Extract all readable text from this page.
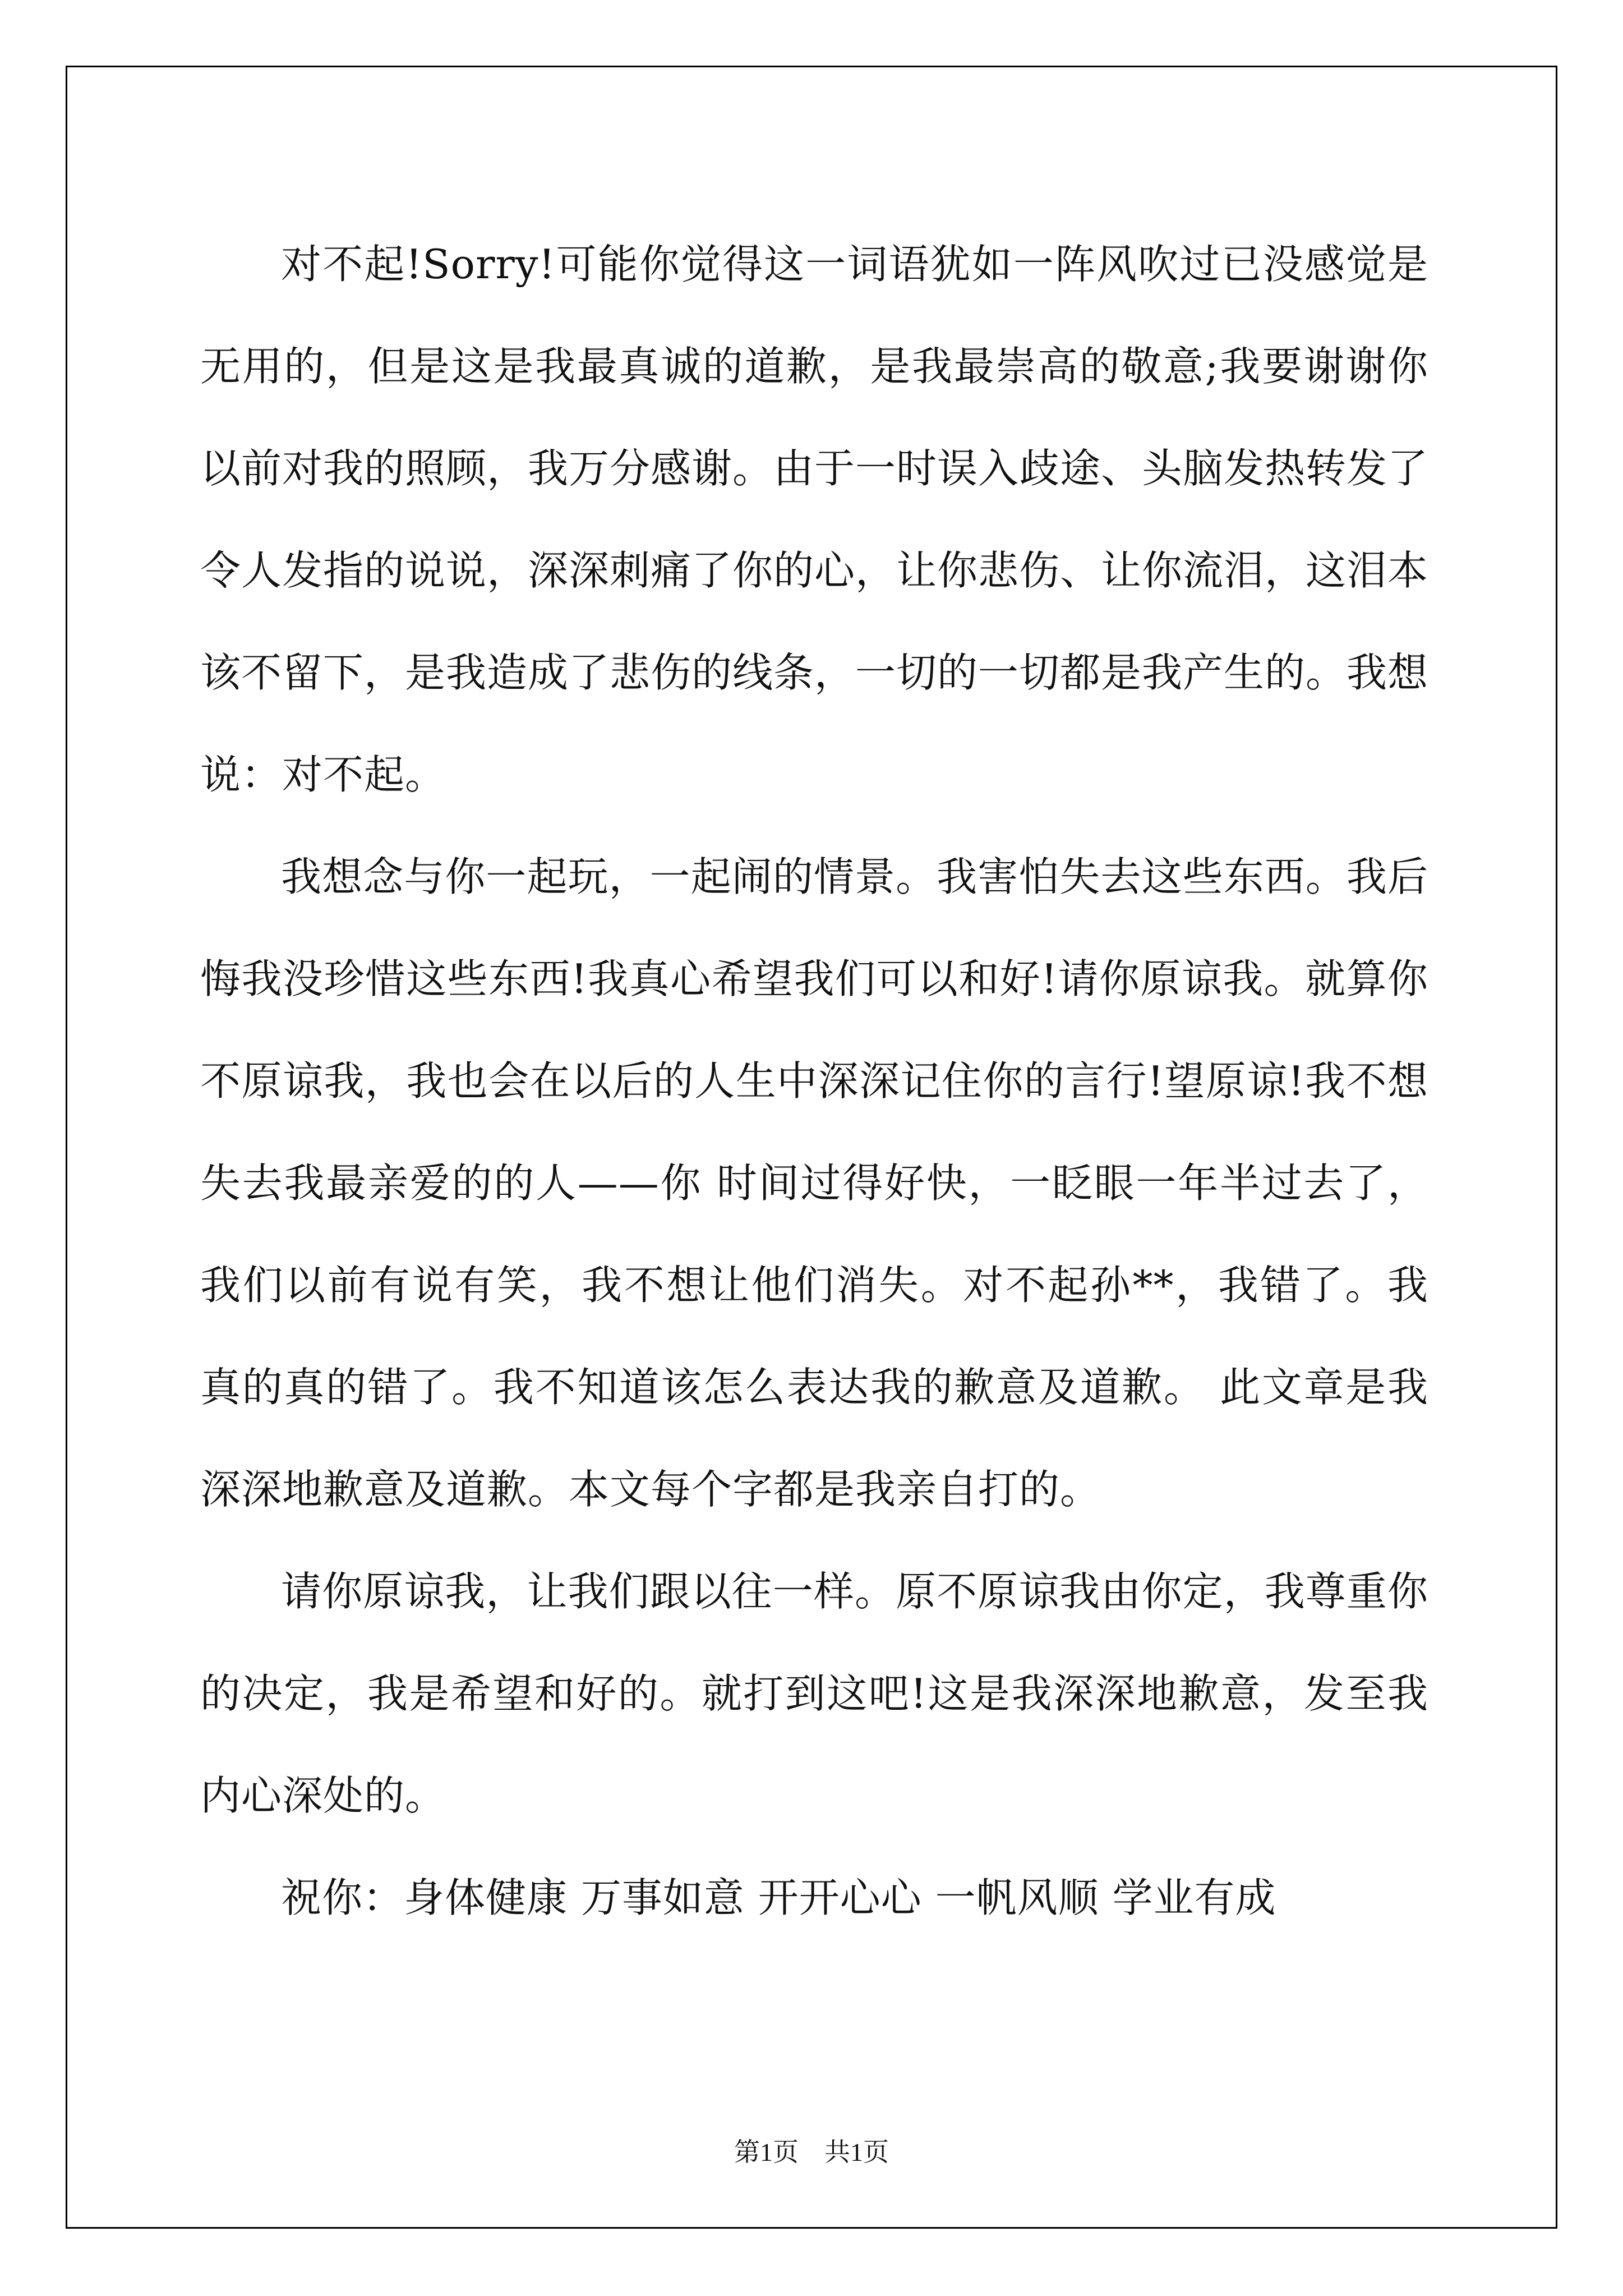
对不起!Sorry!可能你觉得这一词语犹如一阵风吹过已没感觉是无用的，但是这是我最真诚的道歉，是我最崇高的敬意;我要谢谢你以前对我的照顾，我万分感谢。由于一时误入歧途、头脑发热转发了令人发指的说说，深深刺痛了你的心，让你悲伤、让你流泪，这泪本该不留下，是我造成了悲伤的线条，一切的一切都是我产生的。我想说：对不起。

我想念与你一起玩，一起闹的情景。我害怕失去这些东西。我后悔我没珍惜这些东西!我真心希望我们可以和好!请你原谅我。就算你不原谅我，我也会在以后的人生中深深记住你的言行!望原谅!我不想失去我最亲爱的的人——你 时间过得好快，一眨眼一年半过去了，我们以前有说有笑，我不想让他们消失。对不起孙**，我错了。我真的真的错了。我不知道该怎么表达我的歉意及道歉。 此文章是我深深地歉意及道歉。本文每个字都是我亲自打的。

请你原谅我，让我们跟以往一样。原不原谅我由你定，我尊重你的决定，我是希望和好的。就打到这吧!这是我深深地歉意，发至我内心深处的。

祝你：身体健康 万事如意 开开心心 一帆风顺 学业有成

第1页　共1页
